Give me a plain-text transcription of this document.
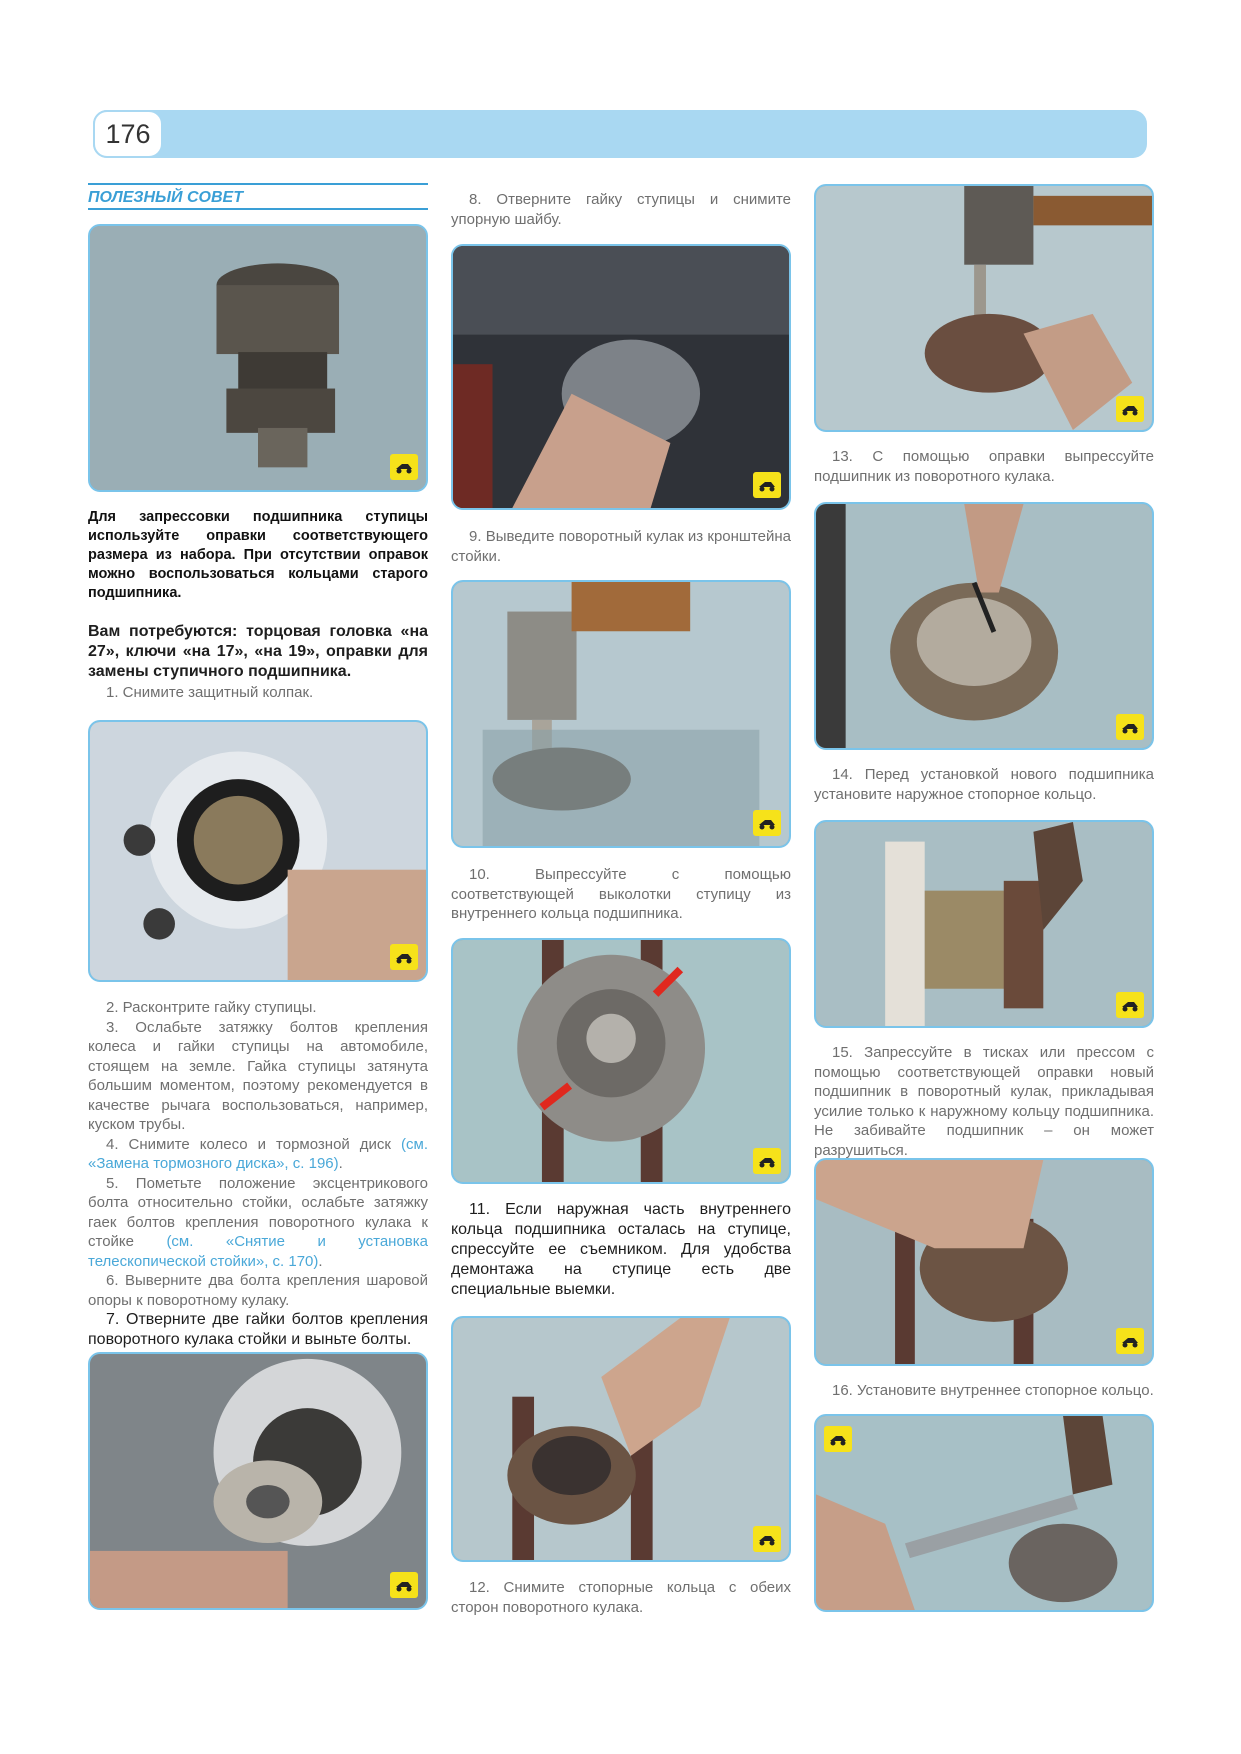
176
ПОЛЕЗНЫЙ СОВЕТ

Для запрессовки подшипника ступицы используйте оправки соответствующего размера из набора. При отсутствии оправок можно воспользоваться кольцами старого подшипника.

Вам потребуются: торцовая головка «на 27», ключи «на 17», «на 19», оправки для замены ступичного подшипника.

1. Снимите защитный колпак.

2. Расконтрите гайку ступицы.

3. Ослабьте затяжку болтов крепления колеса и гайки ступицы на автомобиле, стоящем на земле. Гайка ступицы затянута большим моментом, поэтому рекомендуется в качестве рычага воспользоваться, например, куском трубы.

4. Снимите колесо и тормозной диск (см. «Замена тормозного диска», с. 196).

5. Пометьте положение эксцентрикового болта относительно стойки, ослабьте затяжку гаек болтов крепления поворотного кулака к стойке (см. «Снятие и установка телескопической стойки», с. 170).

6. Выверните два болта крепления шаровой опоры к поворотному кулаку.

7. Отверните две гайки болтов крепления поворотного кулака стойки и выньте болты.

8. Отверните гайку ступицы и снимите упорную шайбу.

9. Выведите поворотный кулак из кронштейна стойки.

10. Выпрессуйте с помощью соответствующей выколотки ступицу из внутреннего кольца подшипника.

11. Если наружная часть внутреннего кольца подшипника осталась на ступице, спрессуйте ее съемником. Для удобства демонтажа на ступице есть две специальные выемки.

12. Снимите стопорные кольца с обеих сторон поворотного кулака.

13. С помощью оправки выпрессуйте подшипник из поворотного кулака.

14. Перед установкой нового подшипника установите наружное стопорное кольцо.

15. Запрессуйте в тисках или прессом с помощью соответствующей оправки новый подшипник в поворотный кулак, прикладывая усилие только к наружному кольцу подшипника. Не забивайте подшипник – он может разрушиться.

16. Установите внутреннее стопорное кольцо.
